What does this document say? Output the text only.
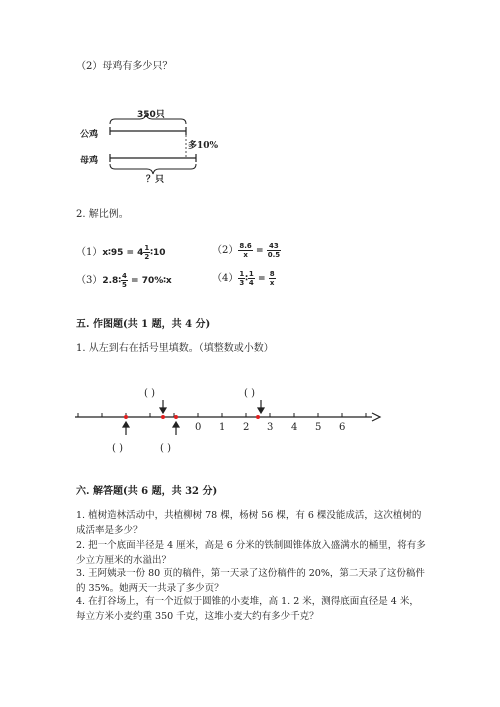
（2）母鸡有多少只？
350只
公鸡
母鸡
多10%
？只
2. 解比例。
（1）x∶95 = $4 \frac{1}{2}$ ∶10	$(2) \frac{8.6}{x} = \frac{43}{0.5}$
（3）2.8∶ $\frac{4}{5}$ = 70%∶x	$(4) \frac{1}{3}$ ∶ $\frac{1}{4} = \frac{8}{x}$
五. 作图题(共 1 题，共 4 分)
1. 从左到右在括号里填数。（填整数或小数）
( )	( )
( )	( )
0 1 2 3 4 5 6
六. 解答题(共 6 题，共 32 分)
1. 植树造林活动中，共植柳树 78 棵，杨树 56 棵，有 6 棵没能成活，这次植树的成活率是多少？
2. 把一个底面半径是 4 厘米，高是 6 分米的铁制圆锥体放入盛满水的桶里，将有多少立方厘米的水溢出？
3. 王阿姨录一份 80 页的稿件，第一天录了这份稿件的 20%，第二天录了这份稿件的 35%。她两天一共录了多少页？
4. 在打谷场上，有一个近似于圆锥的小麦堆，高 1. 2 米，测得底面直径是 4 米，每立方米小麦约重 350 千克，这堆小麦大约有多少千克？
